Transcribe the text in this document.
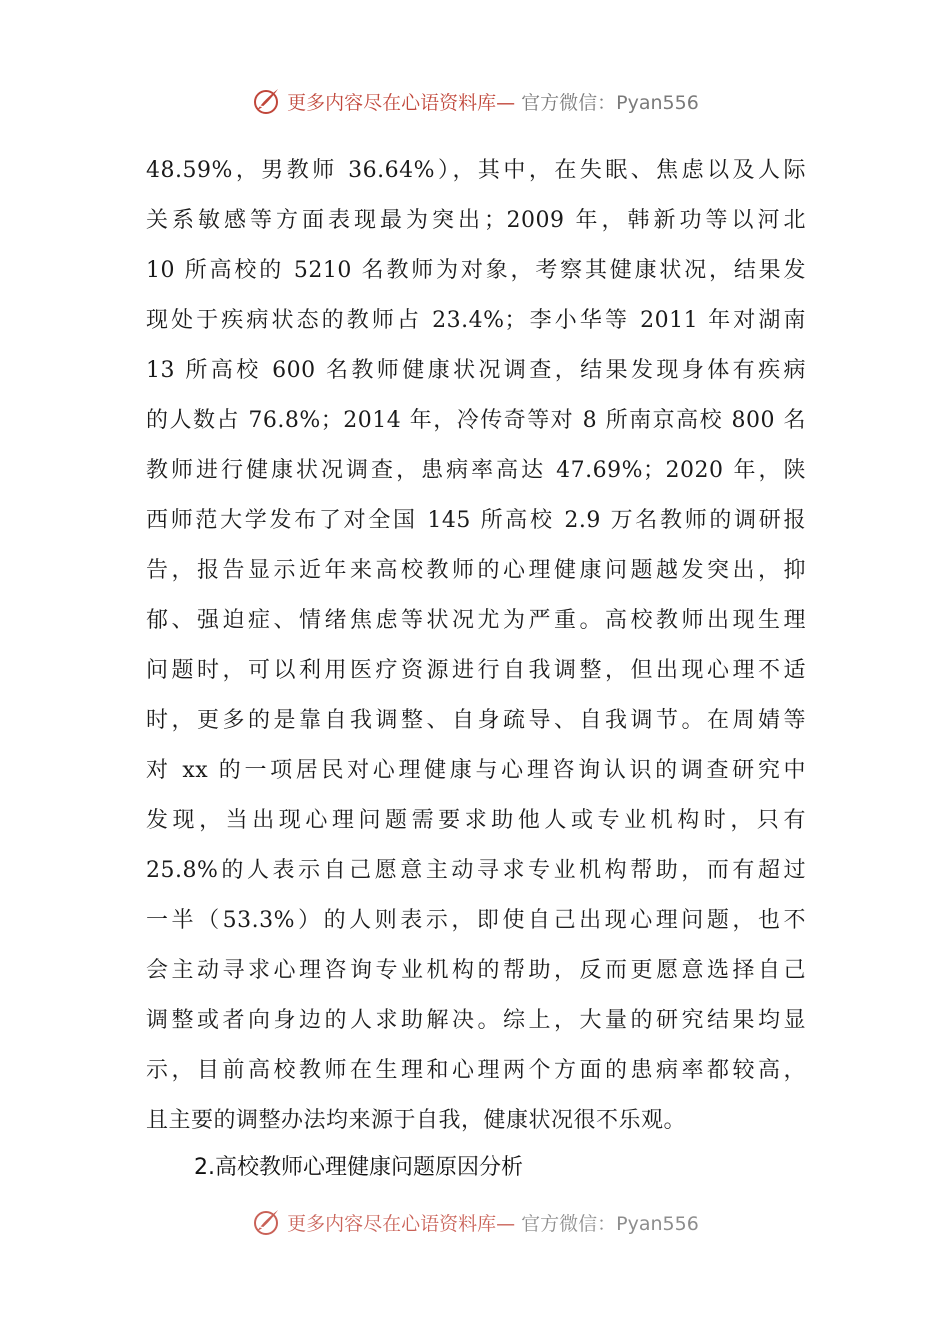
更多内容尽在心语资料库— 官方微信：Pyan556
48.59%，男教师 36.64%），其中，在失眠、焦虑以及人际
关系敏感等方面表现最为突出；2009 年，韩新功等以河北
10 所高校的 5210 名教师为对象，考察其健康状况，结果发
现处于疾病状态的教师占 23.4%；李小华等 2011 年对湖南
13 所高校 600 名教师健康状况调查，结果发现身体有疾病
的人数占 76.8%；2014 年，冷传奇等对 8 所南京高校 800 名
教师进行健康状况调查，患病率高达 47.69%；2020 年，陕
西师范大学发布了对全国 145 所高校 2.9 万名教师的调研报
告，报告显示近年来高校教师的心理健康问题越发突出，抑
郁、强迫症、情绪焦虑等状况尤为严重。高校教师出现生理
问题时，可以利用医疗资源进行自我调整，但出现心理不适
时，更多的是靠自我调整、自身疏导、自我调节。在周婧等
对 xx 的一项居民对心理健康与心理咨询认识的调查研究中
发现，当出现心理问题需要求助他人或专业机构时，只有
25.8%的人表示自己愿意主动寻求专业机构帮助，而有超过
一半（53.3%）的人则表示，即使自己出现心理问题，也不
会主动寻求心理咨询专业机构的帮助，反而更愿意选择自己
调整或者向身边的人求助解决。综上，大量的研究结果均显
示，目前高校教师在生理和心理两个方面的患病率都较高，
且主要的调整办法均来源于自我，健康状况很不乐观。
2.高校教师心理健康问题原因分析
更多内容尽在心语资料库— 官方微信：Pyan556
